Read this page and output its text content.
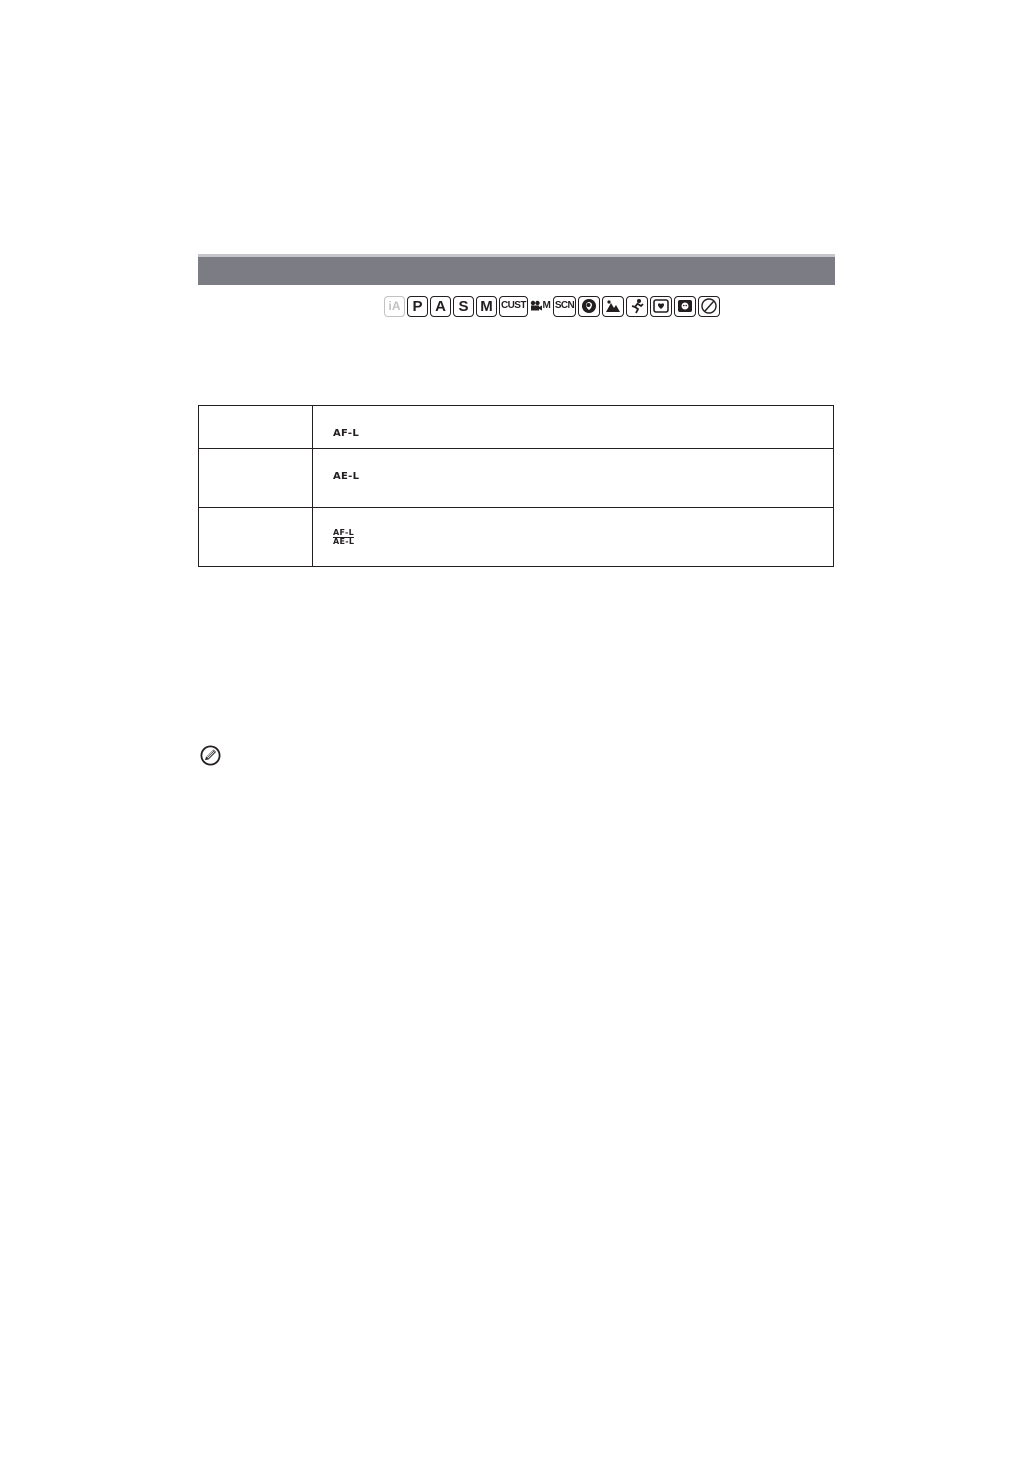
iA P A S M CUST M SCN

	AF-L

	AE-L

	AF-L
AE-L
